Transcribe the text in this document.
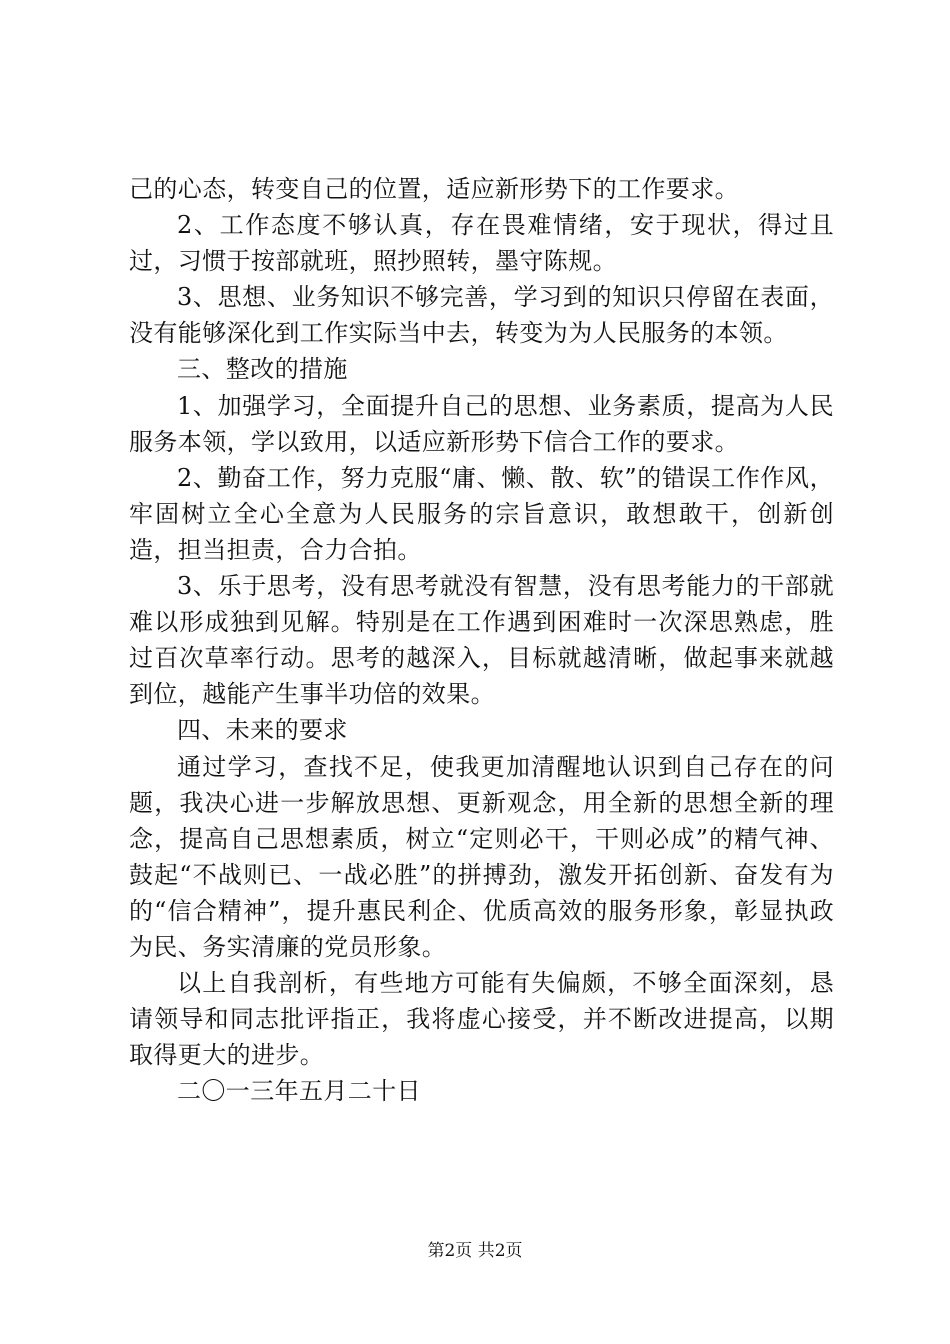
己的心态，转变自己的位置，适应新形势下的工作要求。

2、工作态度不够认真，存在畏难情绪，安于现状，得过且过，习惯于按部就班，照抄照转，墨守陈规。

3、思想、业务知识不够完善，学习到的知识只停留在表面，没有能够深化到工作实际当中去，转变为为人民服务的本领。

三、整改的措施

1、加强学习，全面提升自己的思想、业务素质，提高为人民服务本领，学以致用，以适应新形势下信合工作的要求。

2、勤奋工作，努力克服“庸、懒、散、软”的错误工作作风，牢固树立全心全意为人民服务的宗旨意识，敢想敢干，创新创造，担当担责，合力合拍。

3、乐于思考，没有思考就没有智慧，没有思考能力的干部就难以形成独到见解。特别是在工作遇到困难时一次深思熟虑，胜过百次草率行动。思考的越深入，目标就越清晰，做起事来就越到位，越能产生事半功倍的效果。

四、未来的要求

通过学习，查找不足，使我更加清醒地认识到自己存在的问题，我决心进一步解放思想、更新观念，用全新的思想全新的理念，提高自己思想素质，树立“定则必干，干则必成”的精气神、鼓起“不战则已、一战必胜”的拼搏劲，激发开拓创新、奋发有为的“信合精神”，提升惠民利企、优质高效的服务形象，彰显执政为民、务实清廉的党员形象。

以上自我剖析，有些地方可能有失偏颇，不够全面深刻，恳请领导和同志批评指正，我将虚心接受，并不断改进提高，以期取得更大的进步。

二〇一三年五月二十日

第2页 共2页
